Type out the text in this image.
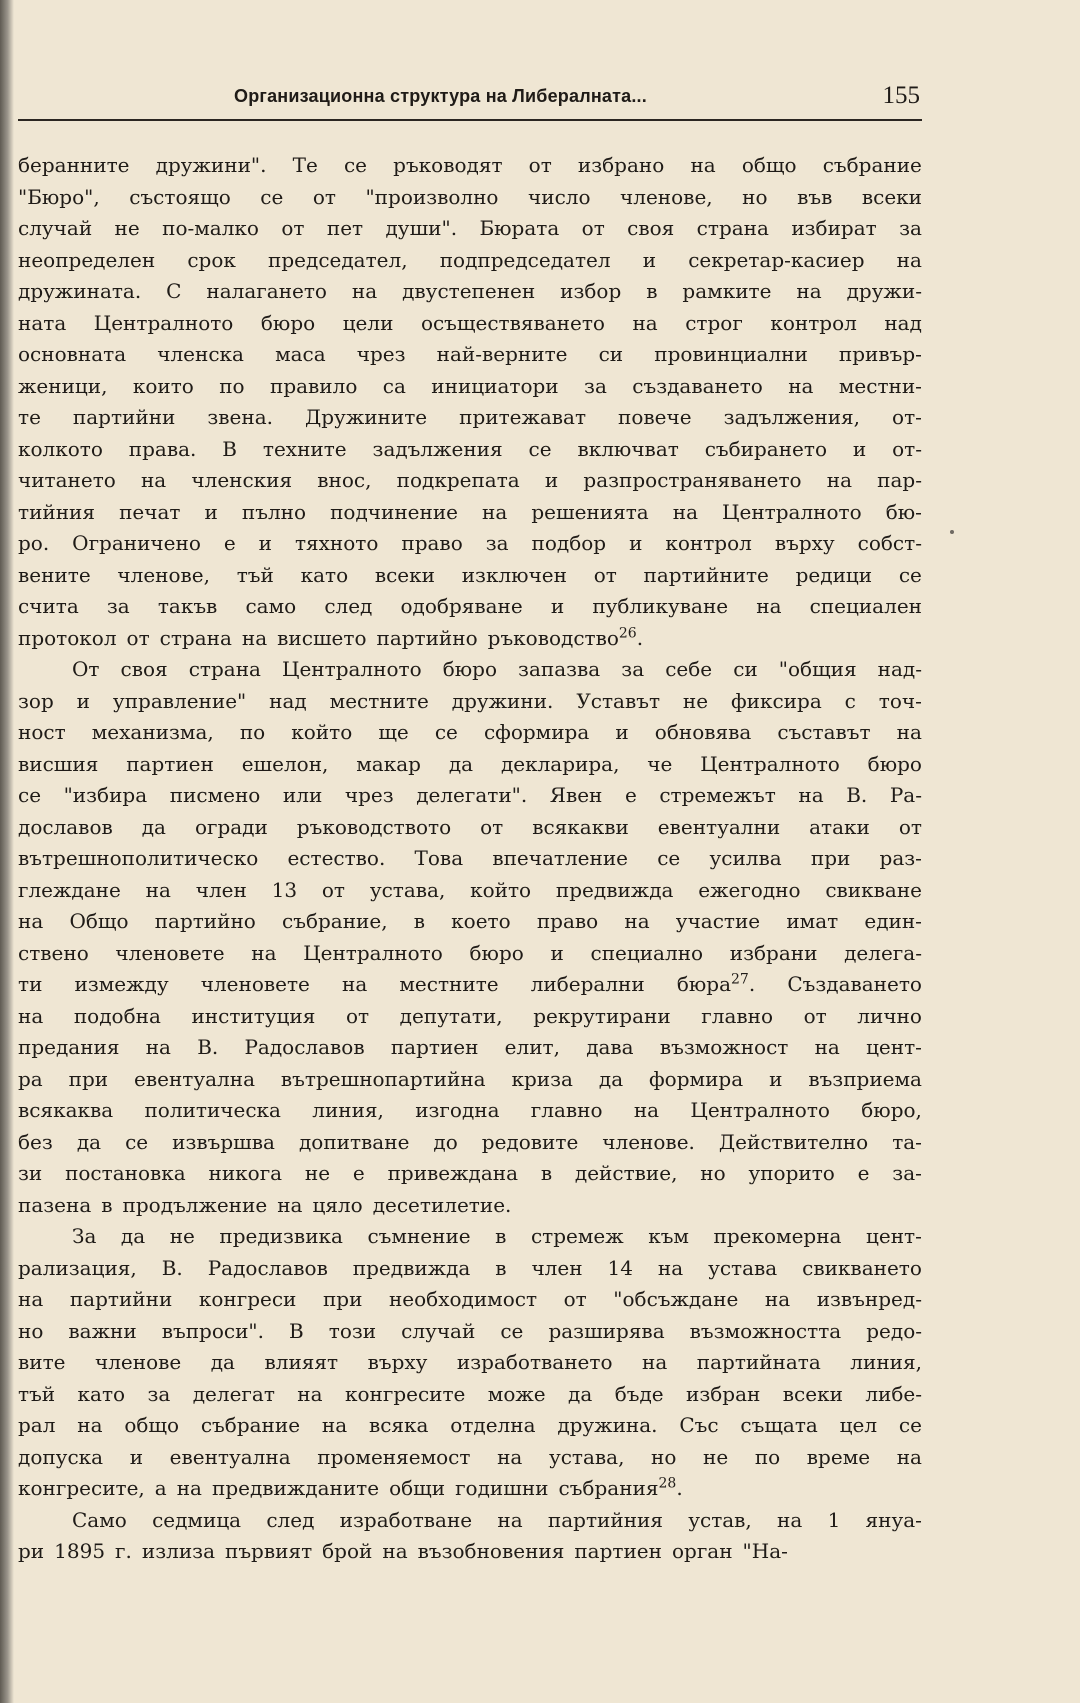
Организационна структура на Либералната...	155
беранните дружини". Те се ръководят от избрано на общо събрание
"Бюро", състоящо се от "произволно число членове, но във всеки
случай не по-малко от пет души". Бюрата от своя страна избират за
неопределен срок председател, подпредседател и секретар-касиер на
дружината. С налагането на двустепенен избор в рамките на дружи-
ната Централното бюро цели осъществяването на строг контрол над
основната членска маса чрез най-верните си провинциални привър-
женици, които по правило са инициатори за създаването на местни-
те партийни звена. Дружините притежават повече задължения, от-
колкото права. В техните задължения се включват събирането и от-
читането на членския внос, подкрепата и разпространяването на пар-
тийния печат и пълно подчинение на решенията на Централното бю-
ро. Ограничено е и тяхното право за подбор и контрол върху собст-
вените членове, тъй като всеки изключен от партийните редици се
счита за такъв само след одобряване и публикуване на специален
протокол от страна на висшето партийно ръководство$^{26}$.
От своя страна Централното бюро запазва за себе си "общия над-
зор и управление" над местните дружини. Уставът не фиксира с точ-
ност механизма, по който ще се сформира и обновява съставът на
висшия партиен ешелон, макар да декларира, че Централното бюро
се "избира писмено или чрез делегати". Явен е стремежът на В. Ра-
дославов да огради ръководството от всякакви евентуални атаки от
вътрешнополитическо естество. Това впечатление се усилва при раз-
глеждане на член 13 от устава, който предвижда ежегодно свикване
на Общо партийно събрание, в което право на участие имат един-
ствено членовете на Централното бюро и специално избрани делега-
ти измежду членовете на местните либерални бюра$^{27}$. Създаването
на подобна институция от депутати, рекрутирани главно от лично
предания на В. Радославов партиен елит, дава възможност на цент-
ра при евентуална вътрешнопартийна криза да формира и възприема
всякаква политическа линия, изгодна главно на Централното бюро,
без да се извършва допитване до редовите членове. Действително та-
зи постановка никога не е привеждана в действие, но упорито е за-
пазена в продължение на цяло десетилетие.
За да не предизвика съмнение в стремеж към прекомерна цент-
рализация, В. Радославов предвижда в член 14 на устава свикването
на партийни конгреси при необходимост от "обсъждане на извънред-
но важни въпроси". В този случай се разширява възможността редо-
вите членове да влияят върху изработването на партийната линия,
тъй като за делегат на конгресите може да бъде избран всеки либе-
рал на общо събрание на всяка отделна дружина. Със същата цел се
допуска и евентуална променяемост на устава, но не по време на
конгресите, а на предвижданите общи годишни събрания$^{28}$.
Само седмица след изработване на партийния устав, на 1 януа-
ри 1895 г. излиза първият брой на възобновения партиен орган "На-
